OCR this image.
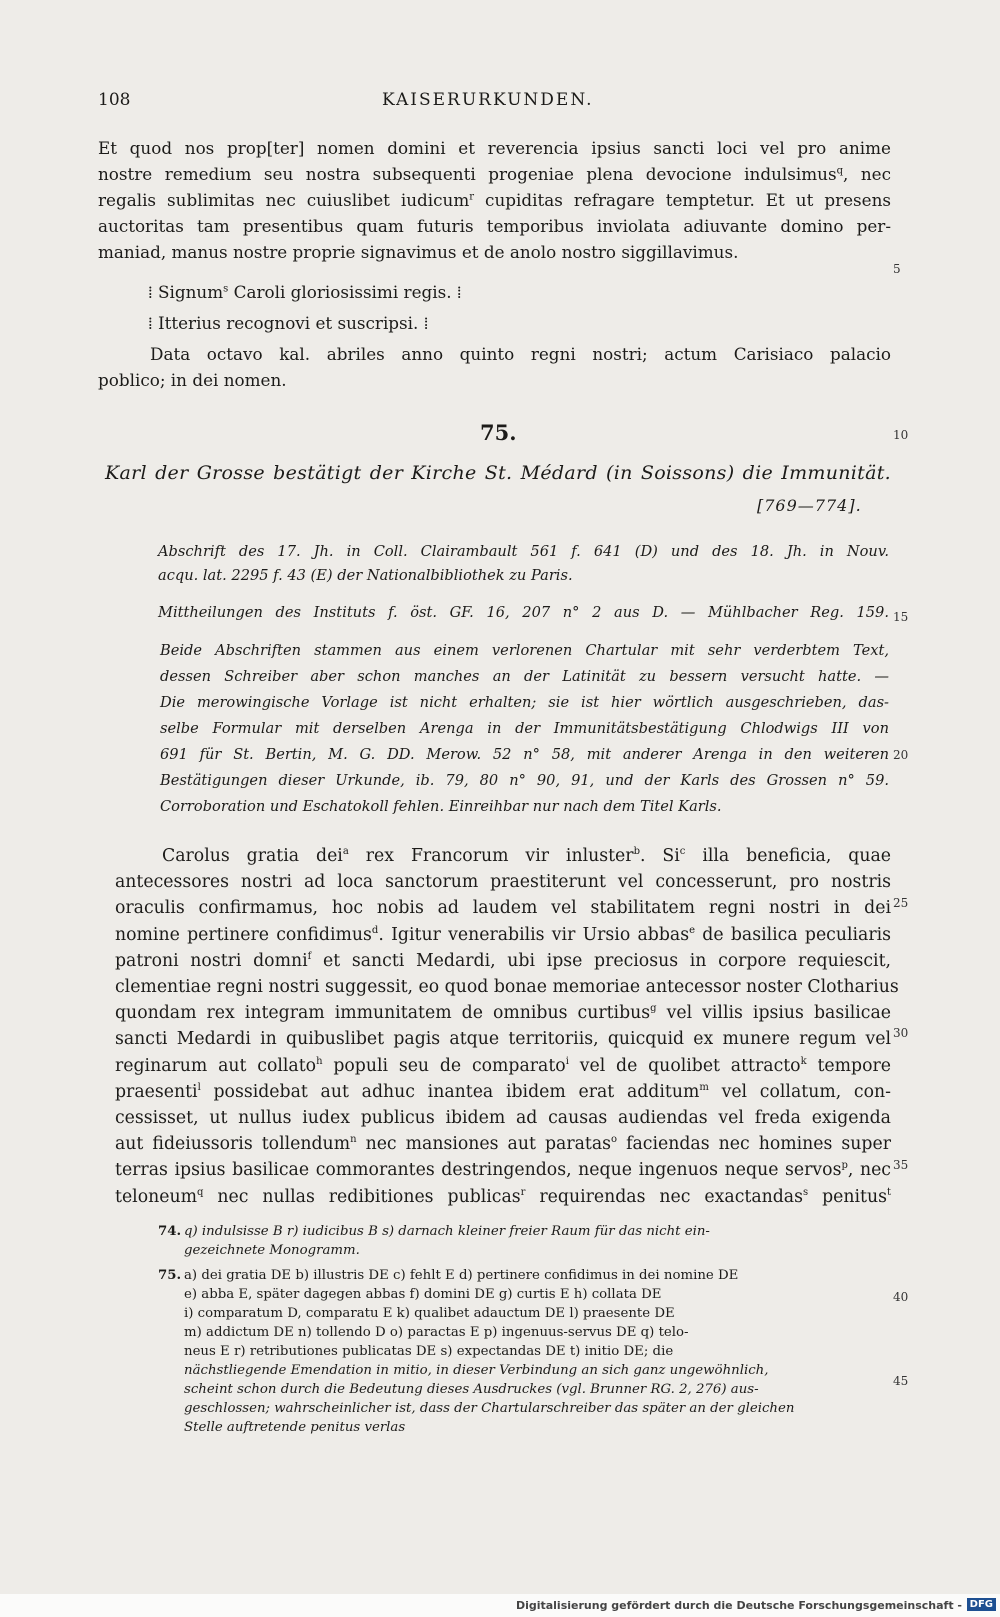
108	KAISERURKUNDEN.
Et quod nos prop[ter] nomen domini et reverencia ipsius sancti loci vel pro anime
nostre remedium seu nostra subsequenti progeniae plena devocione indulsimus$^q$, nec
regalis sublimitas nec cuiuslibet iudicum$^r$ cupiditas refragare temptetur. Et ut presens
auctoritas tam presentibus quam futuris temporibus inviolata adiuvante domino per-
maniad, manus nostre proprie signavimus et de anolo nostro siggillavimus.
⁞ Signum$^s$ Caroli gloriosissimi regis. ⁞
⁞ Itterius recognovi et suscripsi. ⁞
Data octavo kal. abriles anno quinto regni nostri; actum Carisiaco palacio
poblico; in dei nomen.
75.
Karl der Grosse bestätigt der Kirche St. Médard (in Soissons) die Immunität.
[769—774].
Abschrift des 17. Jh. in Coll. Clairambault 561 f. 641 (D) und des 18. Jh. in Nouv.
acqu. lat. 2295 f. 43 (E) der Nationalbibliothek zu Paris.
Mittheilungen des Instituts f. öst. GF. 16, 207 n° 2 aus D. — Mühlbacher Reg. 159.
Beide Abschriften stammen aus einem verlorenen Chartular mit sehr verderbtem Text,
dessen Schreiber aber schon manches an der Latinität zu bessern versucht hatte. —
Die merowingische Vorlage ist nicht erhalten; sie ist hier wörtlich ausgeschrieben, das-
selbe Formular mit derselben Arenga in der Immunitätsbestätigung Chlodwigs III von
691 für St. Bertin, M. G. DD. Merow. 52 n° 58, mit anderer Arenga in den weiteren
Bestätigungen dieser Urkunde, ib. 79, 80 n° 90, 91, und der Karls des Grossen n° 59.
Corroboration und Eschatokoll fehlen. Einreihbar nur nach dem Titel Karls.
Carolus gratia dei$^a$ rex Francorum vir inluster$^b$. Si$^c$ illa beneficia, quae
antecessores nostri ad loca sanctorum praestiterunt vel concesserunt, pro nostris
oraculis confirmamus, hoc nobis ad laudem vel stabilitatem regni nostri in dei
nomine pertinere confidimus$^d$. Igitur venerabilis vir Ursio abbas$^e$ de basilica peculiaris
patroni nostri domni$^f$ et sancti Medardi, ubi ipse preciosus in corpore requiescit,
clementiae regni nostri suggessit, eo quod bonae memoriae antecessor noster Clotharius
quondam rex integram immunitatem de omnibus curtibus$^g$ vel villis ipsius basilicae
sancti Medardi in quibuslibet pagis atque territoriis, quicquid ex munere regum vel
reginarum aut collato$^h$ populi seu de comparato$^i$ vel de quolibet attracto$^k$ tempore
praesenti$^l$ possidebat aut adhuc inantea ibidem erat additum$^m$ vel collatum, con-
cessisset, ut nullus iudex publicus ibidem ad causas audiendas vel freda exigenda
aut fideiussoris tollendum$^n$ nec mansiones aut paratas$^o$ faciendas nec homines super
terras ipsius basilicae commorantes destringendos, neque ingenuos neque servos$^p$, nec
teloneum$^q$ nec nullas redibitiones publicas$^r$ requirendas nec exactandas$^s$ penitus$^t$
5
10
15
20
25
30
35
40
45
74. q) indulsisse B r) iudicibus B s) darnach kleiner freier Raum für das nicht ein-
gezeichnete Monogramm.
75. a) dei gratia DE b) illustris DE c) fehlt E d) pertinere confidimus in dei nomine DE
e) abba E, später dagegen abbas f) domini DE g) curtis E h) collata DE
i) comparatum D, comparatu E k) qualibet adauctum DE l) praesente DE
m) addictum DE n) tollendo D o) paractas E p) ingenuus-servus DE q) telo-
neus E r) retributiones publicatas DE s) expectandas DE t) initio DE; die
nächstliegende Emendation in mitio, in dieser Verbindung an sich ganz ungewöhnlich,
scheint schon durch die Bedeutung dieses Ausdruckes (vgl. Brunner RG. 2, 276) aus-
geschlossen; wahrscheinlicher ist, dass der Chartularschreiber das später an der gleichen
Stelle auftretende penitus verlas
Digitalisierung gefördert durch die Deutsche Forschungsgemeinschaft - DFG
